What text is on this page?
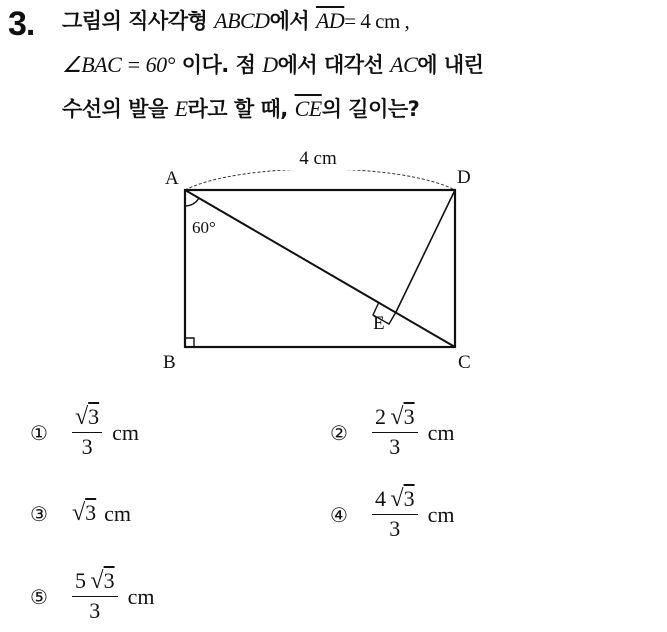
3. 그림의 직사각형 ABCD에서 $\overline{AD}= 4$ cm ,
∠BAC = 60° 이다. 점 D에서 대각선 AC에 내린
수선의 발을 E라고 할 때, $\overline{CE}$의 길이는?
4 cm
60°
A
B	C
D
E
①	$\frac{√3}{3}$ cm	②	$\frac{2 √3}{3}$ cm
③	√3 cm	④	$\frac{4 √3}{3}$ cm
⑤	$\frac{5 √3}{3}$ cm
